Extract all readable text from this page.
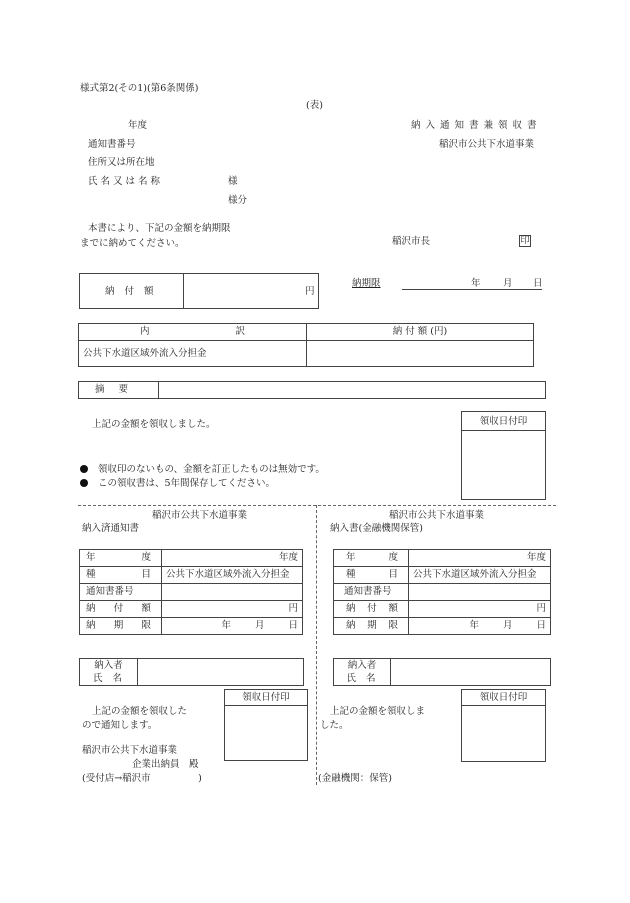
様式第2(その1)(第6条関係)
(表)
年度
通知書番号
住所又は所在地
氏名又は名称	様
様分
納入通知書兼領収書
稲沢市公共下水道事業
本書により、下記の金額を納期限
までに納めてください。	稲沢市長	印
納付額	円
納期限	年 月 日
内 訳	納 付 額 (円)
公共下水道区域外流入分担金	
摘要	
上記の金額を領収しました。	領収日付印
領収印のないもの、金額を訂正したものは無効です。
この領収書は、5年間保存してください。
稲沢市公共下水道事業
納入済通知書
年 度	年度

種 目	公共下水道区域外流入分担金
通知書番号	

納 付 額	円

納 期 限	年 月 日
納入者
氏名

領収日付印
上記の金額を領収した
ので通知します。
稲沢市公共下水道事業
企業出納員　殿
(受付店→稲沢市　　　　　)
稲沢市公共下水道事業
納入書(金融機関保管)
年 度	年度

種 目	公共下水道区域外流入分担金
通知書番号	

納 付 額	円

納 期 限	年 月 日
納入者
氏名

領収日付印
上記の金額を領収しま
した。
(金融機関：保管)
